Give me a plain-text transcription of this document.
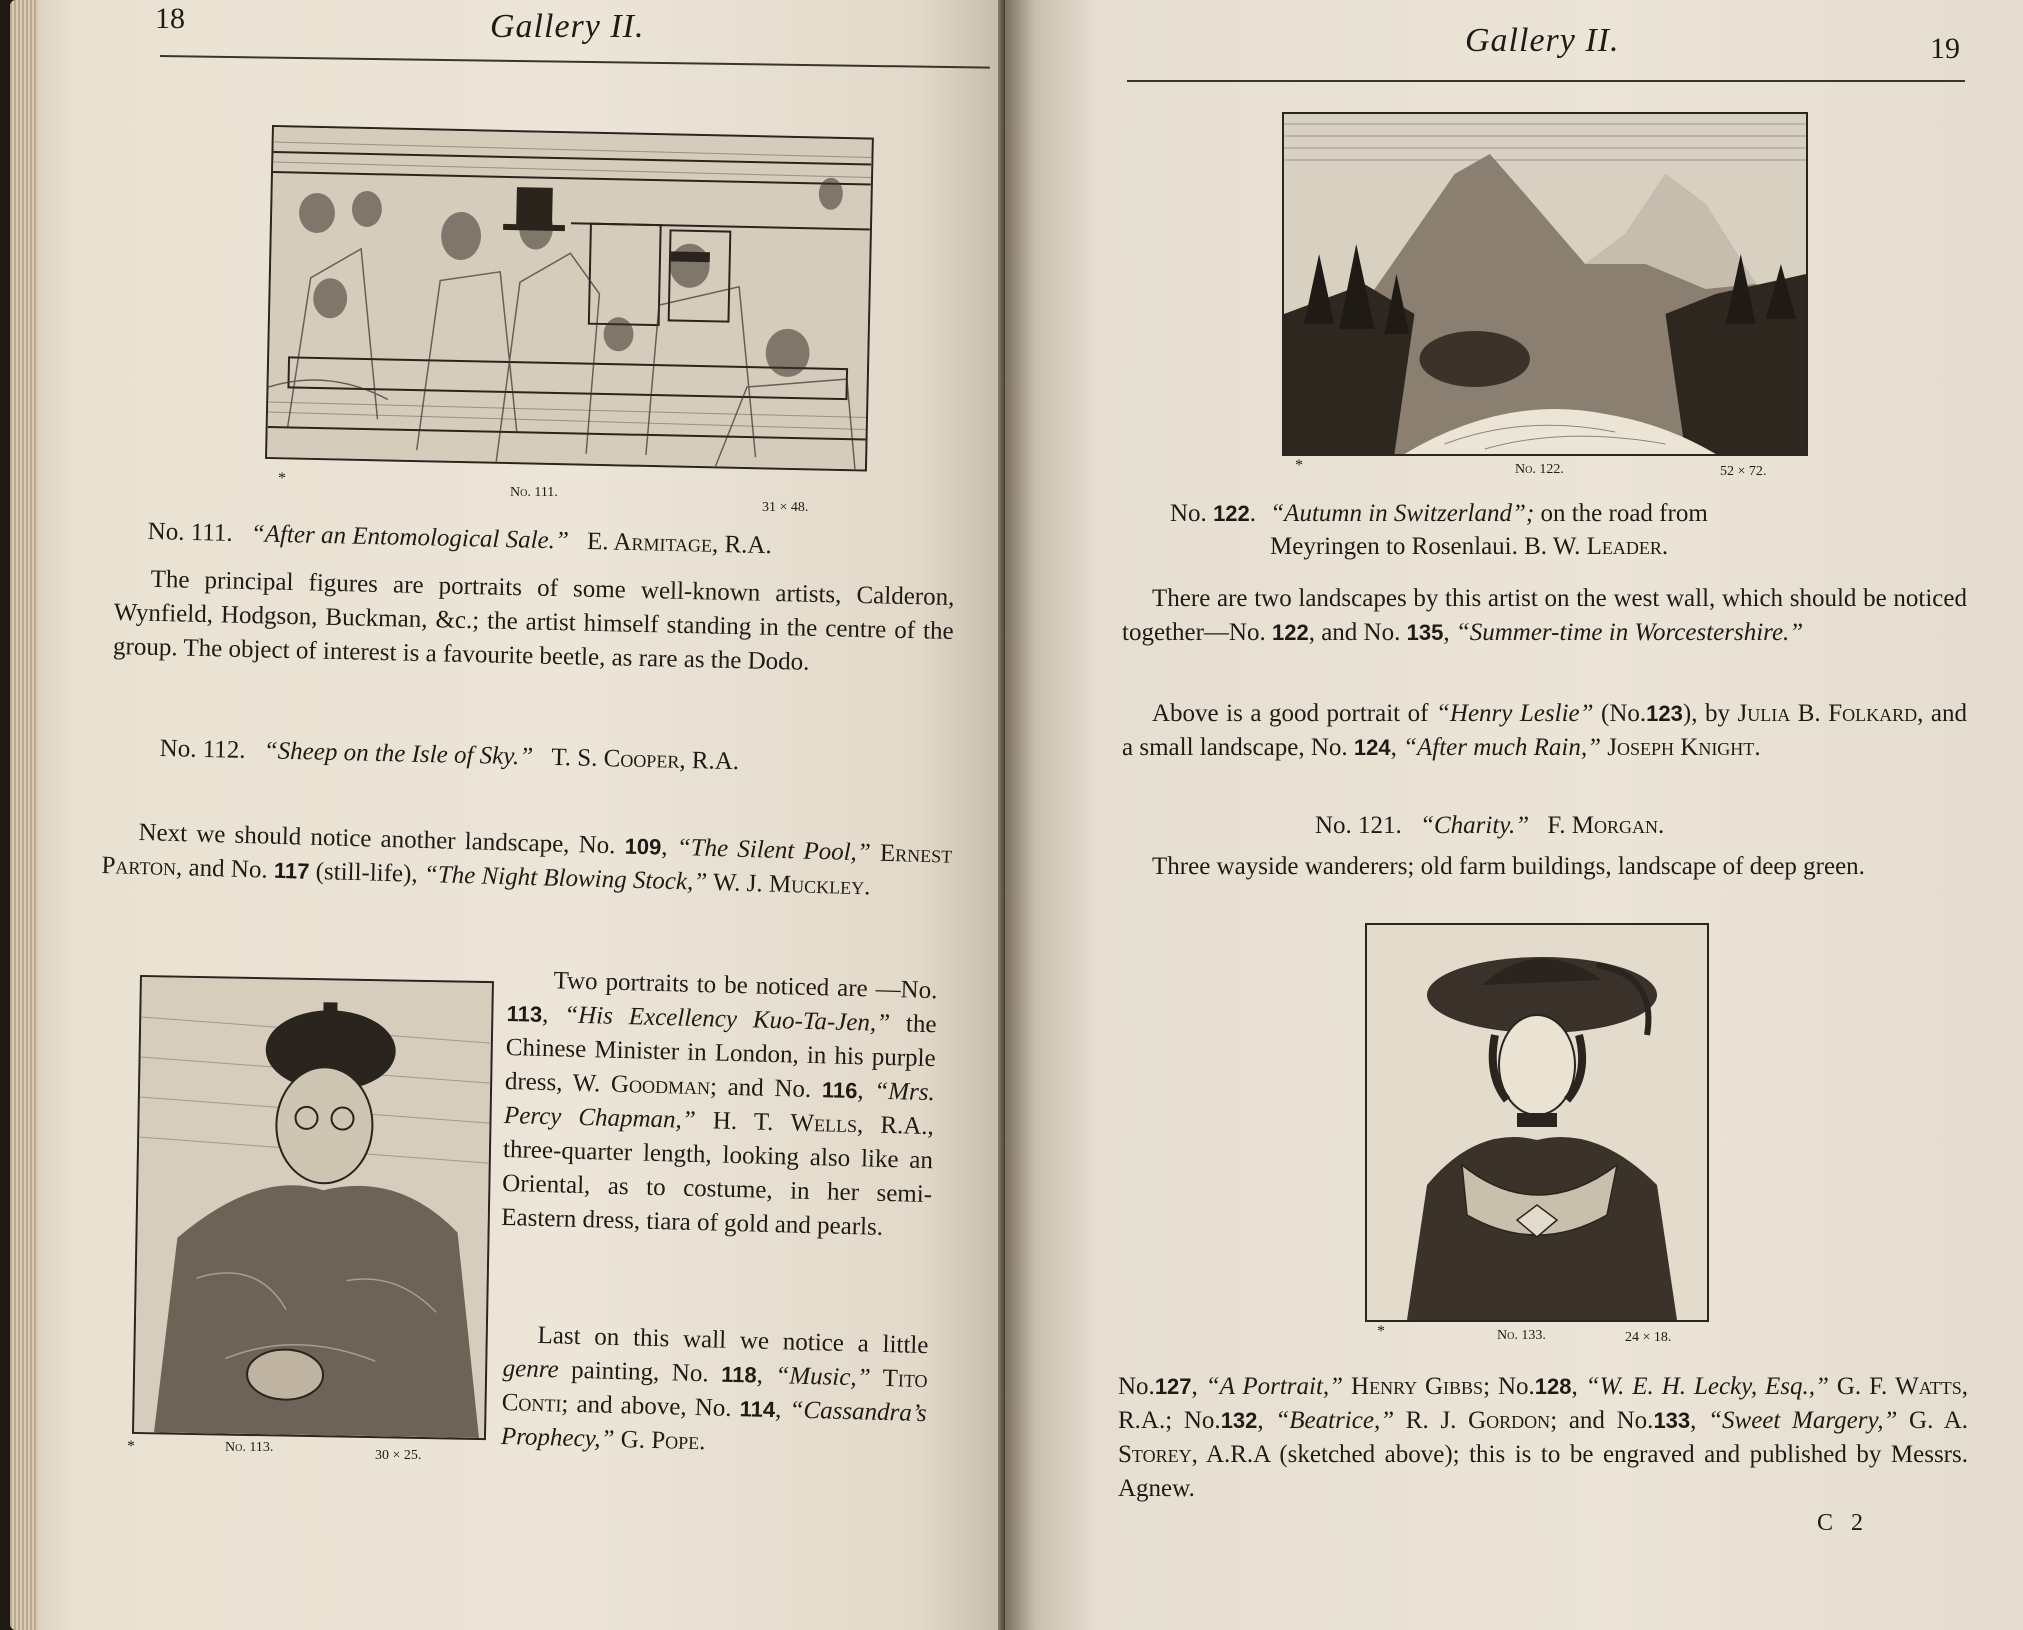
18	Gallery II.
*
No. 111.
31 × 48.
No. 111. “After an Entomological Sale.” E. Armitage, R.A.

The principal figures are portraits of some well-known artists, Calderon, Wynfield, Hodgson, Buckman, &c.; the artist himself standing in the centre of the group. The object of interest is a favourite beetle, as rare as the Dodo.

No. 112. “Sheep on the Isle of Sky.” T. S. Cooper, R.A.

Next we should notice another landscape, No. 109, “The Silent Pool,” Ernest Parton, and No. 117 (still-life), “The Night Blowing Stock,” W. J. Muckley.

*	No. 113.
30 × 25.

Two portraits to be noticed are —No. 113, “His Excellency Kuo-Ta-Jen,” the Chinese Minister in London, in his purple dress, W. Goodman; and No. 116, “Mrs. Percy Chapman,” H. T. Wells, R.A., three-quarter length, looking also like an Oriental, as to costume, in her semi-Eastern dress, tiara of gold and pearls.

Last on this wall we notice a little genre painting, No. 118, “Music,” Tito Conti; and above, No. 114, “Cassandra’s Prophecy,” G. Pope.

Gallery II.	19
*	No. 122.	52 × 72.
No. 122. “Autumn in Switzerland”; on the road from
Meyringen to Rosenlaui. B. W. Leader.

There are two landscapes by this artist on the west wall, which should be noticed together—No. 122, and No. 135, “Summer-time in Worcestershire.”

Above is a good portrait of “Henry Leslie” (No.123), by Julia B. Folkard, and a small landscape, No. 124, “After much Rain,” Joseph Knight.

No. 121. “Charity.” F. Morgan.

Three wayside wanderers; old farm buildings, landscape of deep green.

*	No. 133.	24 × 18.

No.127, “A Portrait,” Henry Gibbs; No.128, “W. E. H. Lecky, Esq.,” G. F. Watts, R.A.; No.132, “Beatrice,” R. J. Gordon; and No.133, “Sweet Margery,” G. A. Storey, A.R.A (sketched above); this is to be engraved and published by Messrs. Agnew.

C 2
